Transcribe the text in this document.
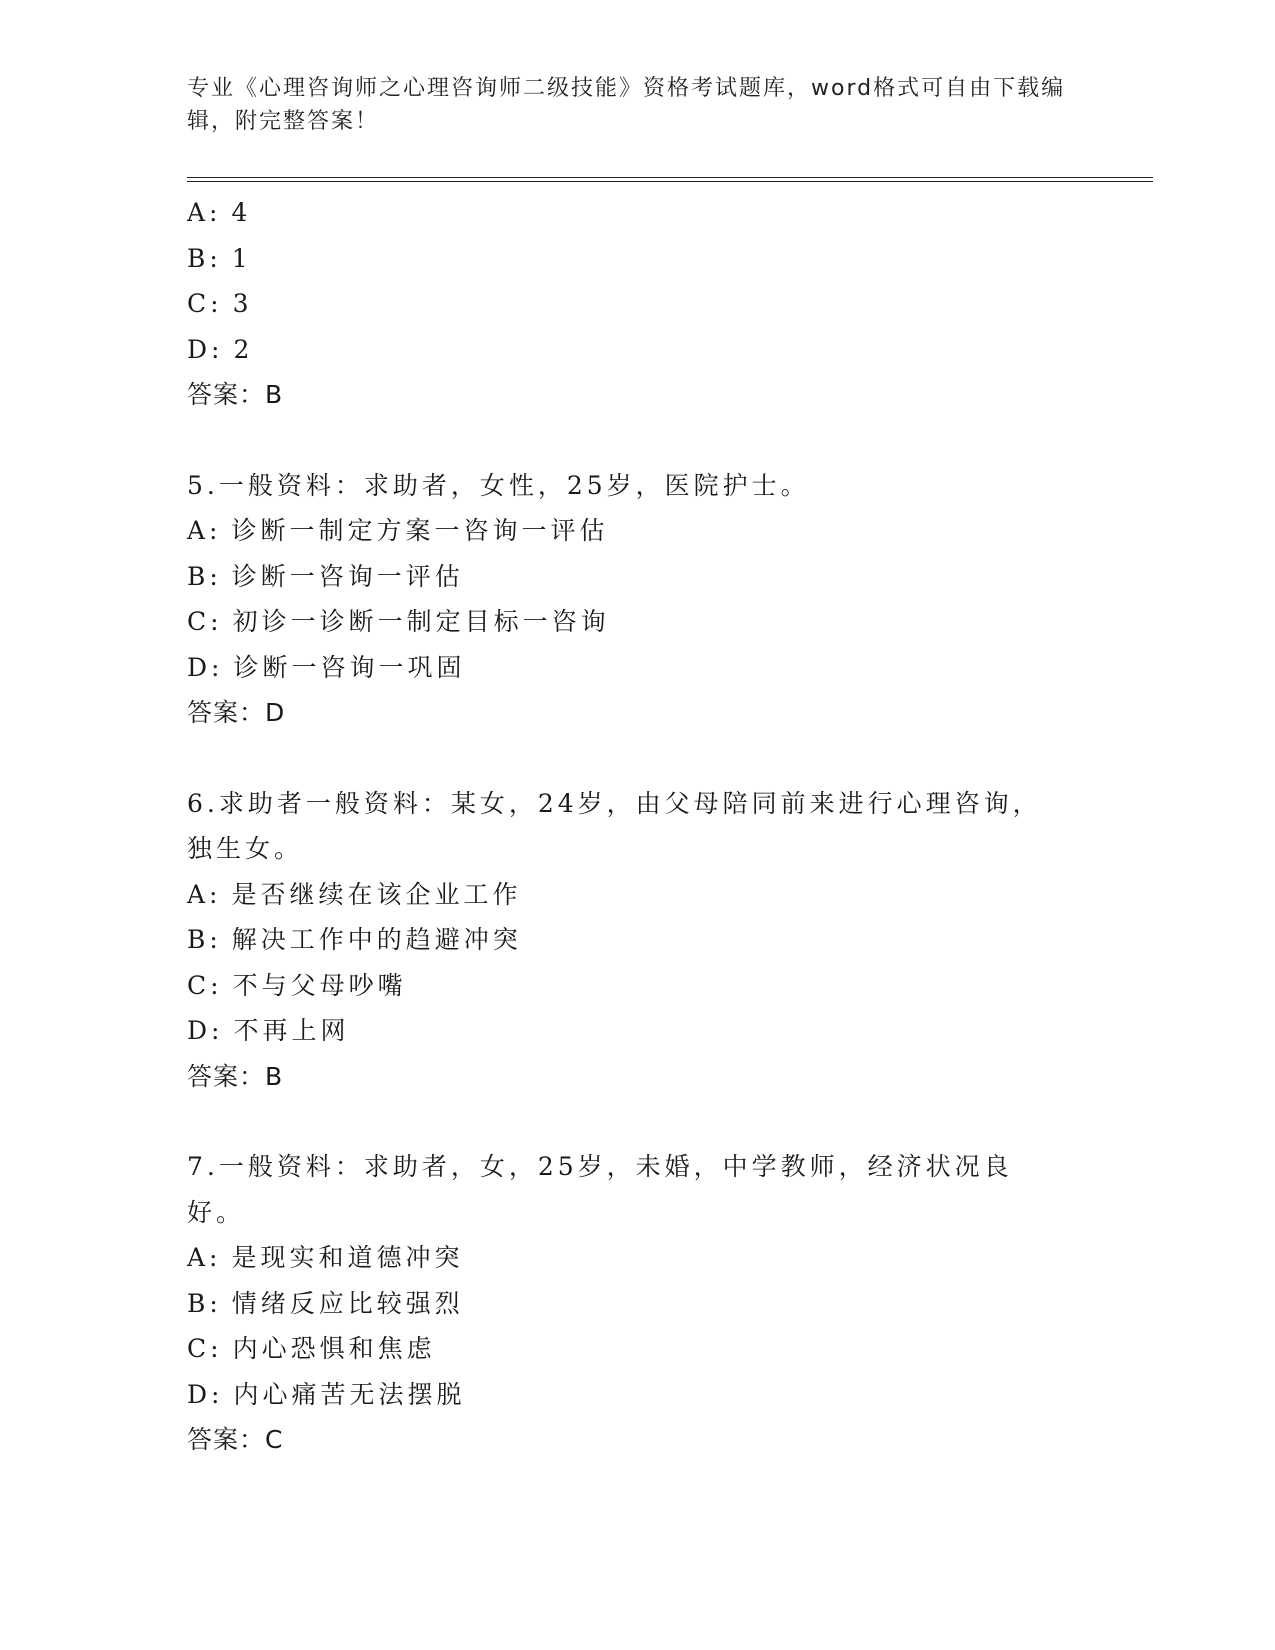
专业《心理咨询师之心理咨询师二级技能》资格考试题库，word格式可自由下载编辑，附完整答案！
A: 4
B: 1
C: 3
D: 2
答案：B
5.一般资料：求助者，女性，25岁，医院护士。
A: 诊断一制定方案一咨询一评估
B: 诊断一咨询一评估
C: 初诊一诊断一制定目标一咨询
D: 诊断一咨询一巩固
答案：D
6.求助者一般资料：某女，24岁，由父母陪同前来进行心理咨询，独生女。
A: 是否继续在该企业工作
B: 解决工作中的趋避冲突
C: 不与父母吵嘴
D: 不再上网
答案：B
7.一般资料：求助者，女，25岁，未婚，中学教师，经济状况良好。
A: 是现实和道德冲突
B: 情绪反应比较强烈
C: 内心恐惧和焦虑
D: 内心痛苦无法摆脱
答案：C
